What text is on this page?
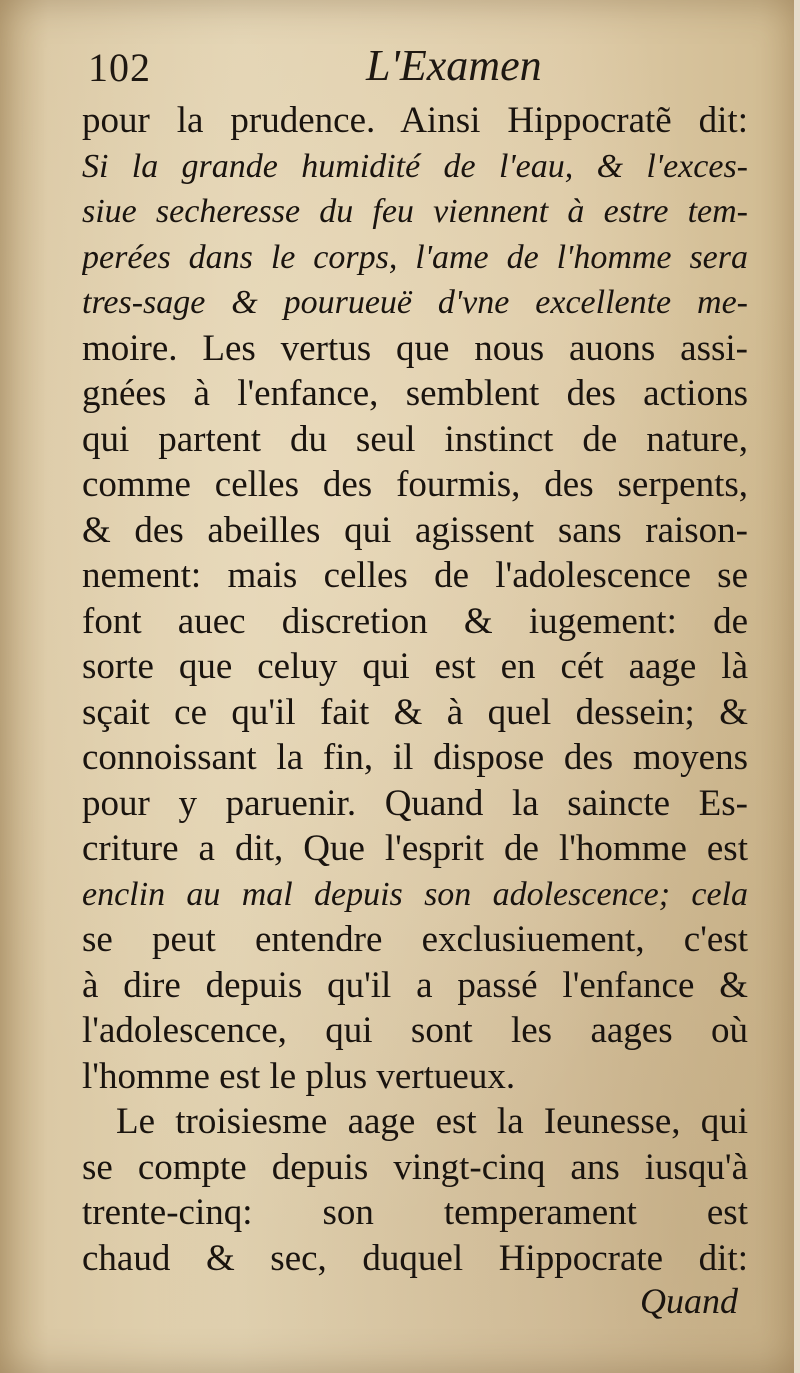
102	L'Examen
pour la prudence. Ainsi Hippocratẽ dit:
Si la grande humidité de l'eau, & l'exces-
siue secheresse du feu viennent à estre tem-
perées dans le corps, l'ame de l'homme sera
tres-sage & pourueuë d'vne excellente me-
moire. Les vertus que nous auons assi-
gnées à l'enfance, semblent des actions
qui partent du seul instinct de nature,
comme celles des fourmis, des serpents,
& des abeilles qui agissent sans raison-
nement: mais celles de l'adolescence se
font auec discretion & iugement: de
sorte que celuy qui est en cét aage là
sçait ce qu'il fait & à quel dessein; &
connoissant la fin, il dispose des moyens
pour y paruenir. Quand la saincte Es-
criture a dit, Que l'esprit de l'homme est
enclin au mal depuis son adolescence; cela
se peut entendre exclusiuement, c'est
à dire depuis qu'il a passé l'enfance &
l'adolescence, qui sont les aages où
l'homme est le plus vertueux.
Le troisiesme aage est la Ieunesse, qui
se compte depuis vingt-cinq ans iusqu'à
trente-cinq: son temperament est
chaud & sec, duquel Hippocrate dit:
Quand
